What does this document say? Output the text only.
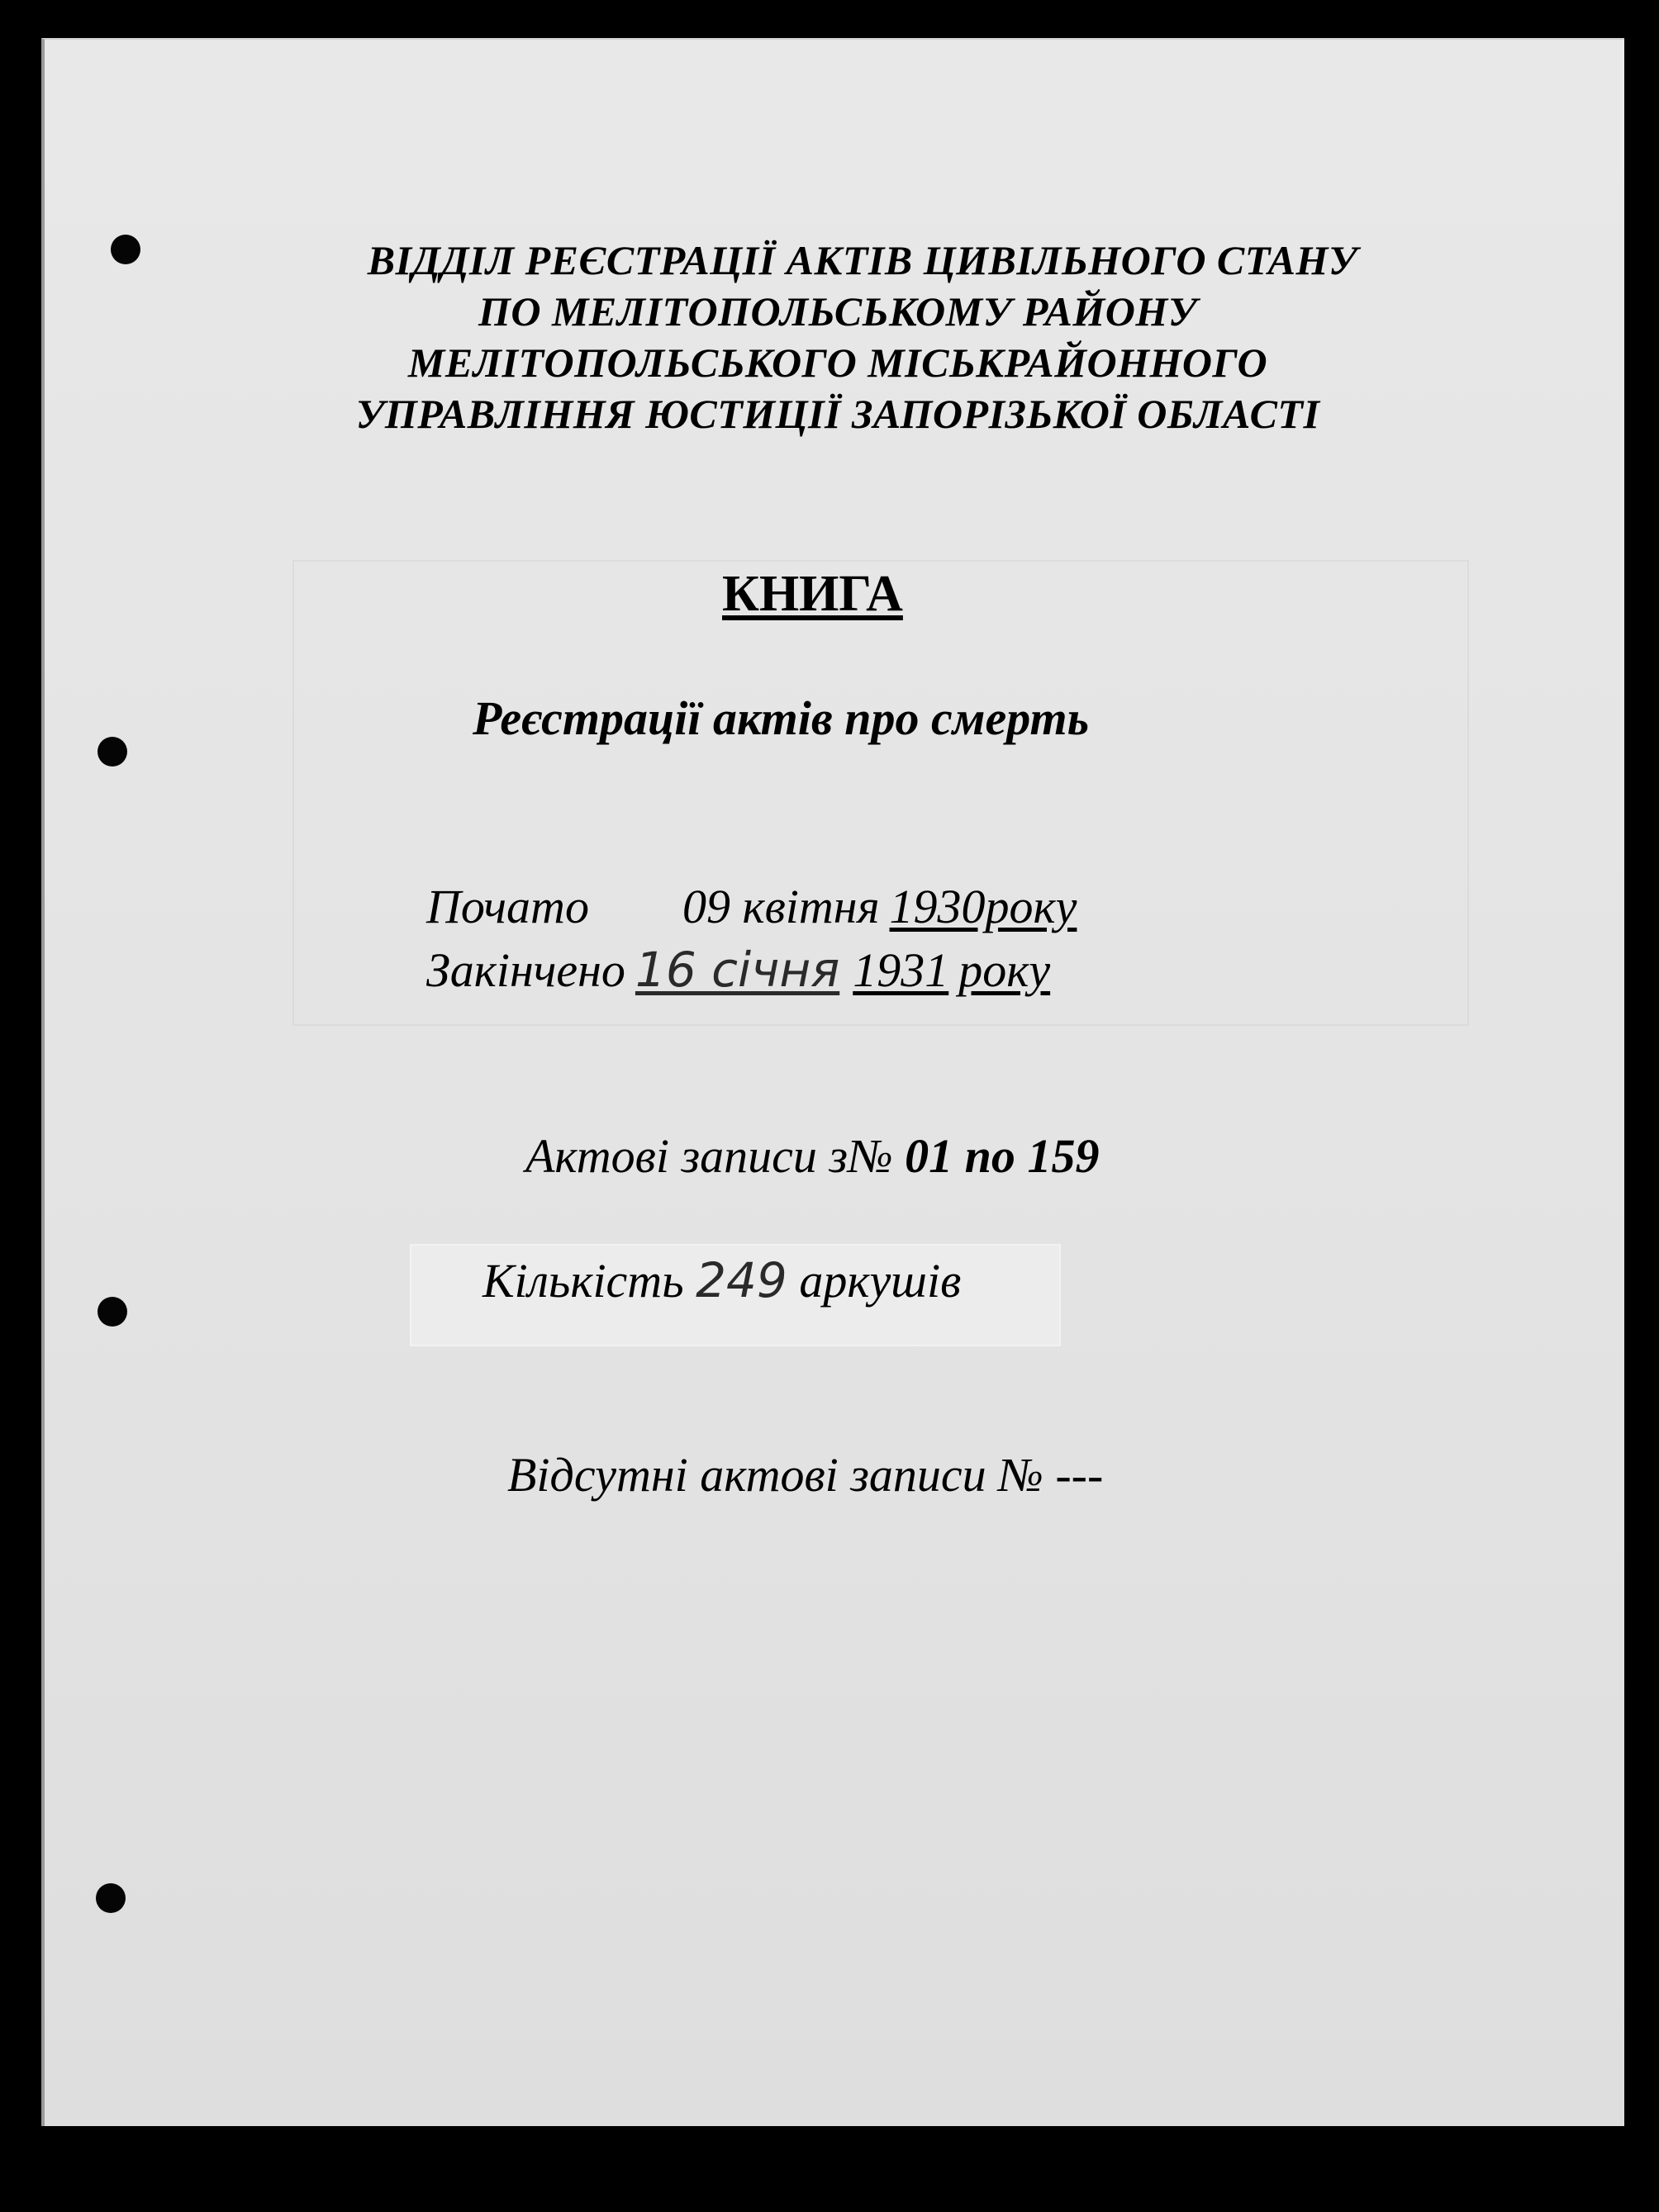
ВІДДІЛ РЕЄСТРАЦІЇ АКТІВ ЦИВІЛЬНОГО СТАНУ
ПО МЕЛІТОПОЛЬСЬКОМУ РАЙОНУ
МЕЛІТОПОЛЬСЬКОГО МІСЬКРАЙОННОГО
УПРАВЛІННЯ ЮСТИЦІЇ ЗАПОРІЗЬКОЇ ОБЛАСТІ
КНИГА
Реєстрації актів про смерть
Почато 09 квітня 1930року
Закінчено 16 січня 1931 року
Актові записи з№ 01 по 159
Кількість 249 аркушів
Відсутні актові записи № ---
